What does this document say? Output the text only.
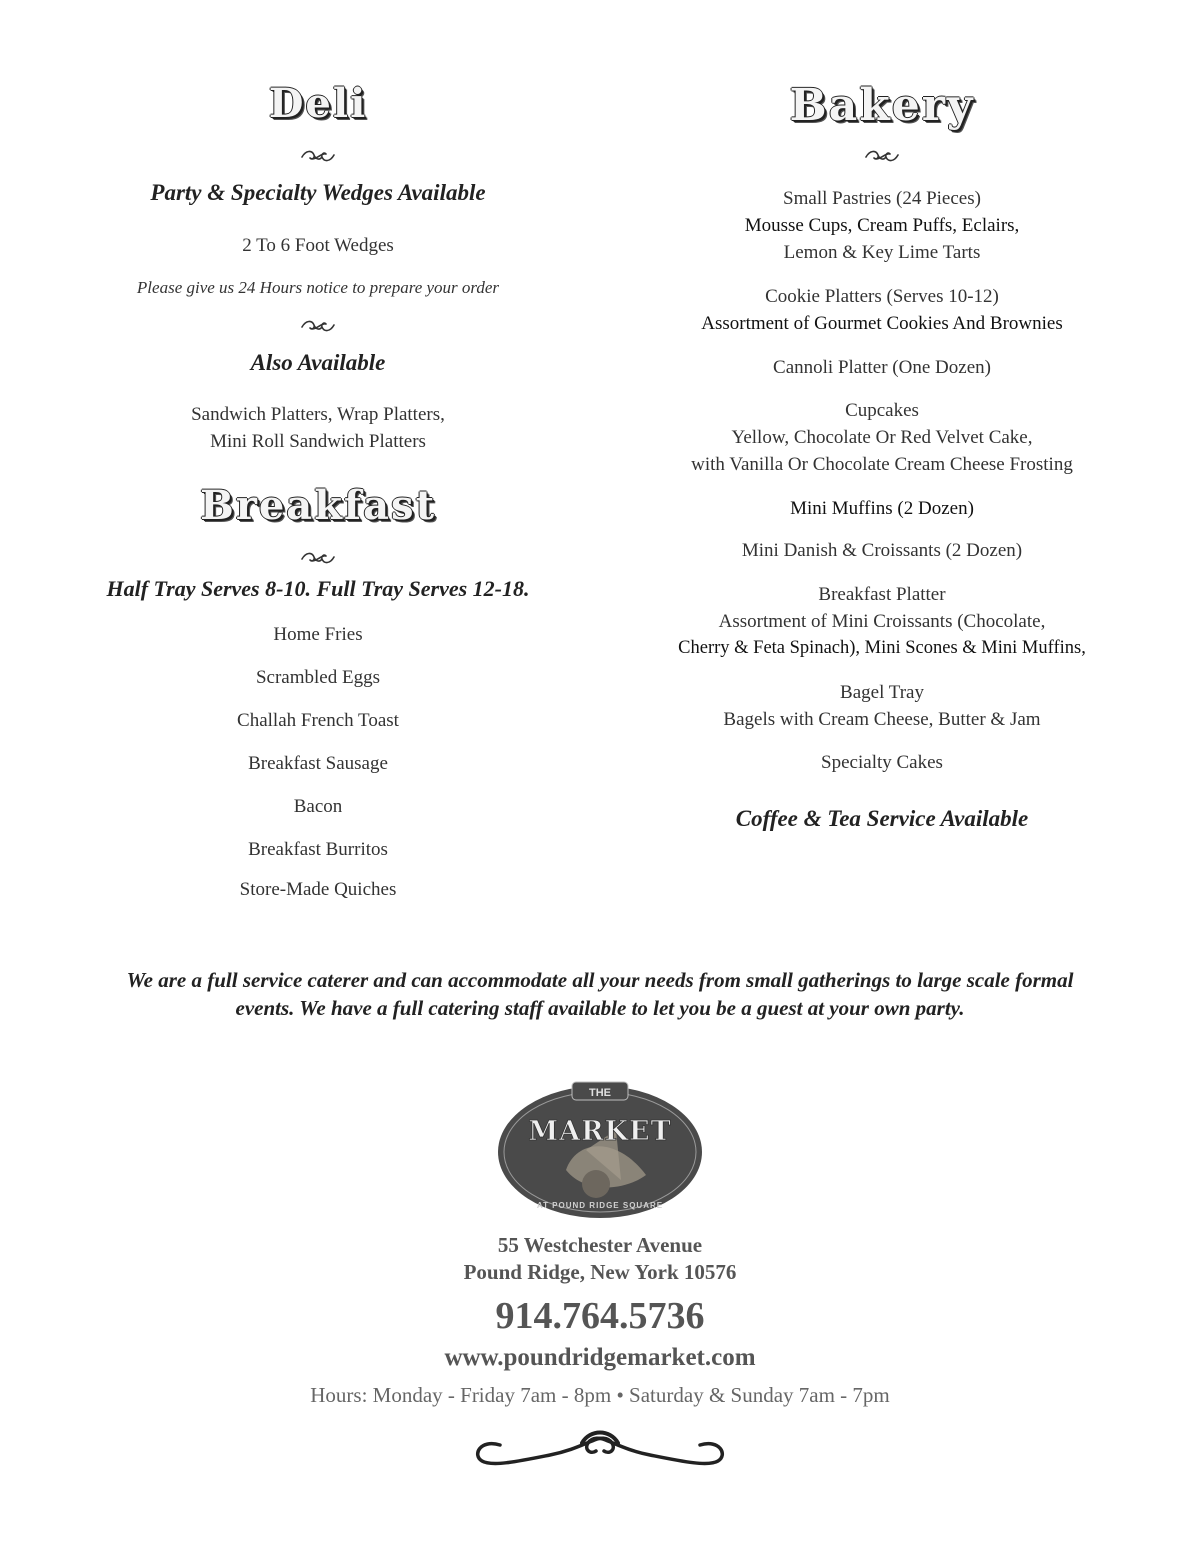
Deli
Party & Specialty Wedges Available
2 To 6 Foot Wedges
Please give us 24 Hours notice to prepare your order
Also Available
Sandwich Platters, Wrap Platters,
Mini Roll Sandwich Platters
Breakfast
Half Tray Serves 8-10. Full Tray Serves 12-18.
Home Fries
Scrambled Eggs
Challah French Toast
Breakfast Sausage
Bacon
Breakfast Burritos
Store-Made Quiches
Bakery
Small Pastries (24 Pieces)
Mousse Cups, Cream Puffs, Eclairs,
Lemon & Key Lime Tarts
Cookie Platters (Serves 10-12)
Assortment of Gourmet Cookies And Brownies
Cannoli Platter (One Dozen)
Cupcakes
Yellow, Chocolate Or Red Velvet Cake,
with Vanilla Or Chocolate Cream Cheese Frosting
Mini Muffins (2 Dozen)
Mini Danish & Croissants (2 Dozen)
Breakfast Platter
Assortment of Mini Croissants (Chocolate,
Cherry & Feta Spinach), Mini Scones & Mini Muffins,
Bagel Tray
Bagels with Cream Cheese, Butter & Jam
Specialty Cakes
Coffee & Tea Service Available
We are a full service caterer and can accommodate all your needs from small gatherings to large scale formal
events. We have a full catering staff available to let you be a guest at your own party.
THE
MARKET
AT POUND RIDGE SQUARE
55 Westchester Avenue
Pound Ridge, New York 10576
914.764.5736
www.poundridgemarket.com
Hours: Monday - Friday 7am - 8pm • Saturday & Sunday 7am - 7pm
